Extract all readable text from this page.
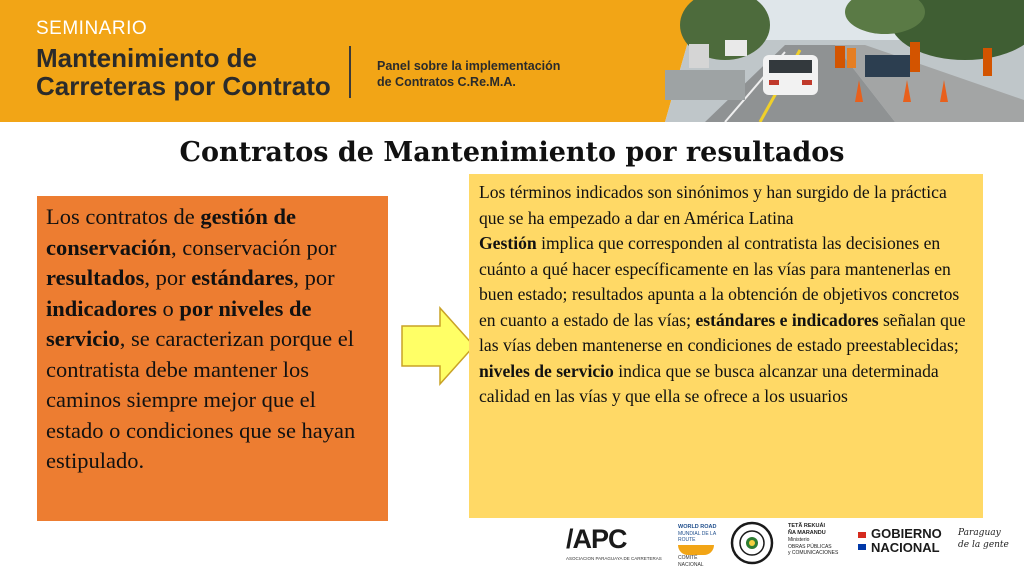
SEMINARIO
Mantenimiento de
Carreteras por Contrato
Panel sobre la implementación
de Contratos C.Re.M.A.
Contratos de Mantenimiento por resultados
Los contratos de gestión de conservación, conservación por resultados, por estándares, por indicadores o por niveles de servicio, se caracterizan porque el contratista debe mantener los caminos siempre mejor que el estado o condiciones que se hayan estipulado.

Los términos indicados son sinónimos y han surgido de la práctica que se ha empezado a dar en América Latina

Gestión implica que corresponden al contratista las decisiones en cuánto a qué hacer específicamente en las vías para mantenerlas en buen estado; resultados apunta a la obtención de objetivos concretos en cuanto a estado de las vías; estándares e indicadores señalan que las vías deben mantenerse en condiciones de estado preestablecidas; niveles de servicio indica que se busca alcanzar una determinada calidad en las vías y que ella se ofrece a los usuarios

/APC
ASOCIACION PARAGUAYA DE CARRETERAS
WORLD ROAD
MUNDIAL DE LA ROUTE
COMITÉ NACIONAL
TETÃ REKUÁI
ÑA MARANDU
Ministerio
OBRAS PÚBLICAS
y COMUNICACIONES
GOBIERNO
NACIONAL
Paraguay de la gente
